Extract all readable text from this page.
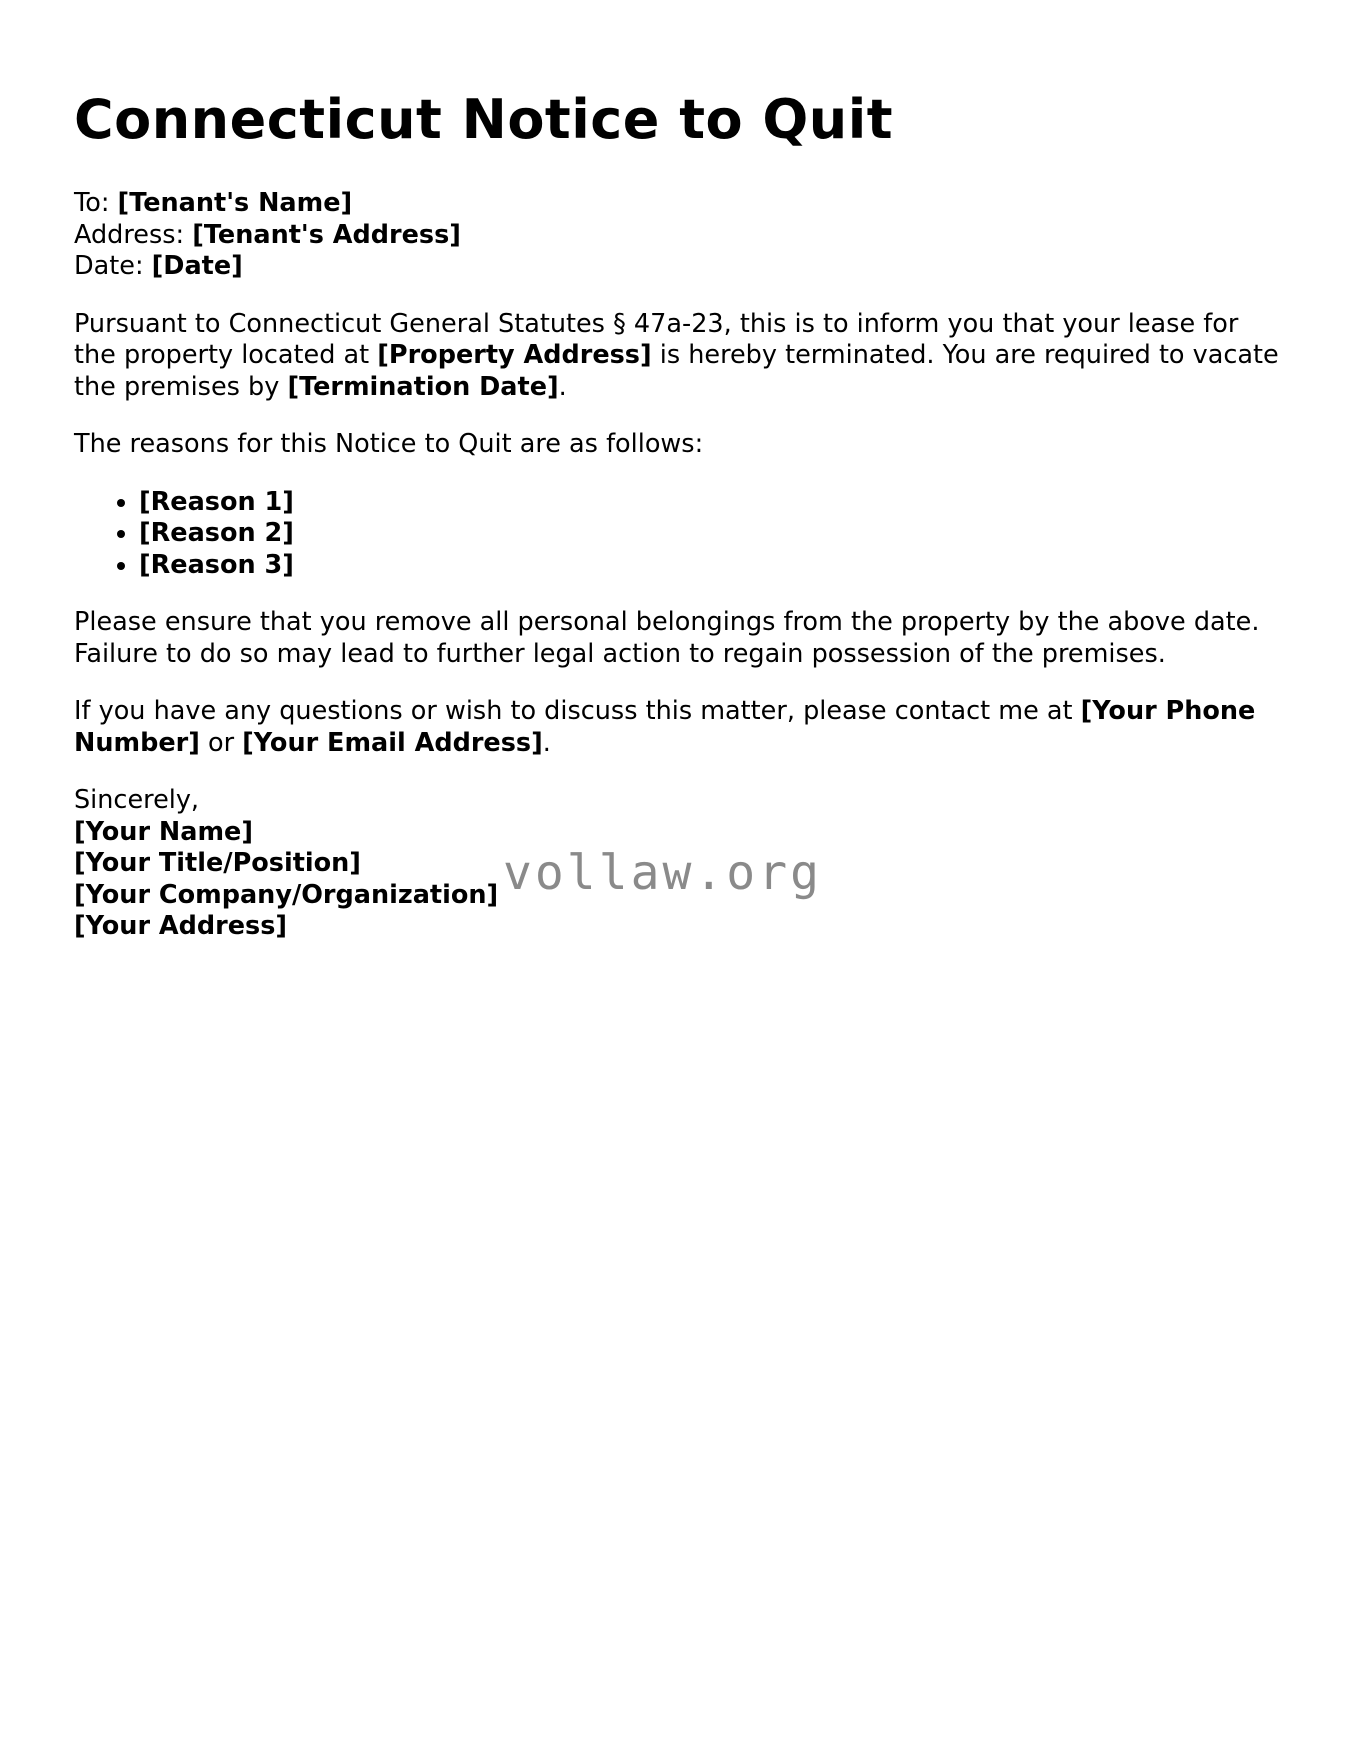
Connecticut Notice to Quit
To: [Tenant's Name]
Address: [Tenant's Address]
Date: [Date]

Pursuant to Connecticut General Statutes § 47a-23, this is to inform you that your lease for the property located at [Property Address] is hereby terminated. You are required to vacate the premises by [Termination Date].

The reasons for this Notice to Quit are as follows:

• [Reason 1]
• [Reason 2]
• [Reason 3]

Please ensure that you remove all personal belongings from the property by the above date. Failure to do so may lead to further legal action to regain possession of the premises.

If you have any questions or wish to discuss this matter, please contact me at [Your Phone Number] or [Your Email Address].

Sincerely,
[Your Name]
[Your Title/Position]
[Your Company/Organization]
[Your Address]
vollaw.org
